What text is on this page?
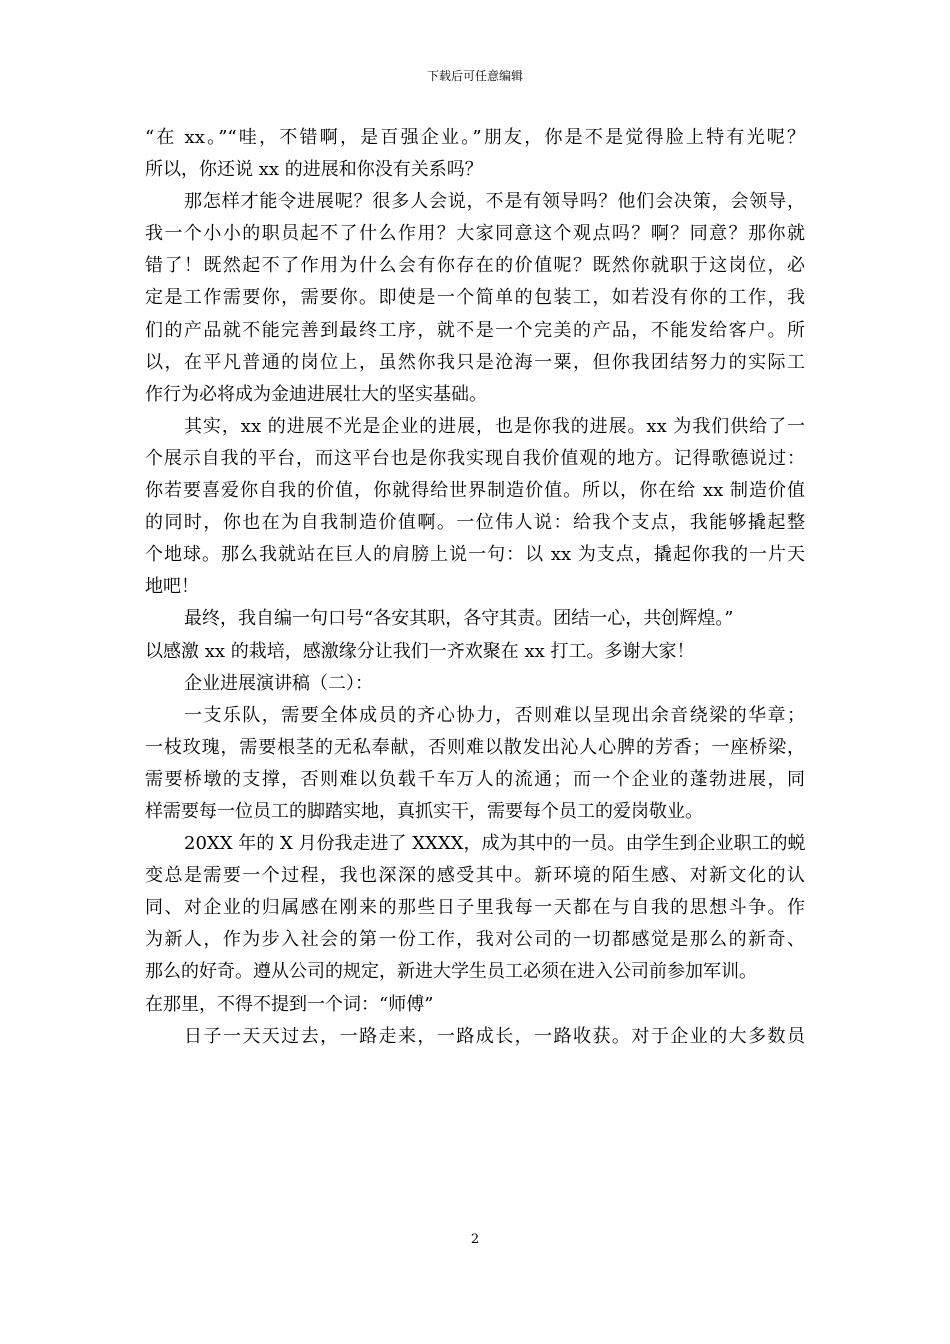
下载后可任意编辑
“在 xx。”“哇，不错啊，是百强企业。”朋友，你是不是觉得脸上特有光呢？
所以，你还说 xx 的进展和你没有关系吗？
那怎样才能令进展呢？很多人会说，不是有领导吗？他们会决策，会领导，
我一个小小的职员起不了什么作用？大家同意这个观点吗？啊？同意？那你就
错了！既然起不了作用为什么会有你存在的价值呢？既然你就职于这岗位，必
定是工作需要你，需要你。即使是一个简单的包装工，如若没有你的工作，我
们的产品就不能完善到最终工序，就不是一个完美的产品，不能发给客户。所
以，在平凡普通的岗位上，虽然你我只是沧海一粟，但你我团结努力的实际工
作行为必将成为金迪进展壮大的坚实基础。
其实，xx 的进展不光是企业的进展，也是你我的进展。xx 为我们供给了一
个展示自我的平台，而这平台也是你我实现自我价值观的地方。记得歌德说过：
你若要喜爱你自我的价值，你就得给世界制造价值。所以，你在给 xx 制造价值
的同时，你也在为自我制造价值啊。一位伟人说：给我个支点，我能够撬起整
个地球。那么我就站在巨人的肩膀上说一句：以 xx 为支点，撬起你我的一片天
地吧！
最终，我自编一句口号“各安其职，各守其责。团结一心，共创辉煌。”
以感激 xx 的栽培，感激缘分让我们一齐欢聚在 xx 打工。多谢大家！
企业进展演讲稿（二）：
一支乐队，需要全体成员的齐心协力，否则难以呈现出余音绕梁的华章；
一枝玫瑰，需要根茎的无私奉献，否则难以散发出沁人心脾的芳香；一座桥梁，
需要桥墩的支撑，否则难以负载千车万人的流通；而一个企业的蓬勃进展，同
样需要每一位员工的脚踏实地，真抓实干，需要每个员工的爱岗敬业。
20XX 年的 X 月份我走进了 XXXX，成为其中的一员。由学生到企业职工的蜕
变总是需要一个过程，我也深深的感受其中。新环境的陌生感、对新文化的认
同、对企业的归属感在刚来的那些日子里我每一天都在与自我的思想斗争。作
为新人，作为步入社会的第一份工作，我对公司的一切都感觉是那么的新奇、
那么的好奇。遵从公司的规定，新进大学生员工必须在进入公司前参加军训。
在那里，不得不提到一个词：“师傅”
日子一天天过去，一路走来，一路成长，一路收获。对于企业的大多数员
2
